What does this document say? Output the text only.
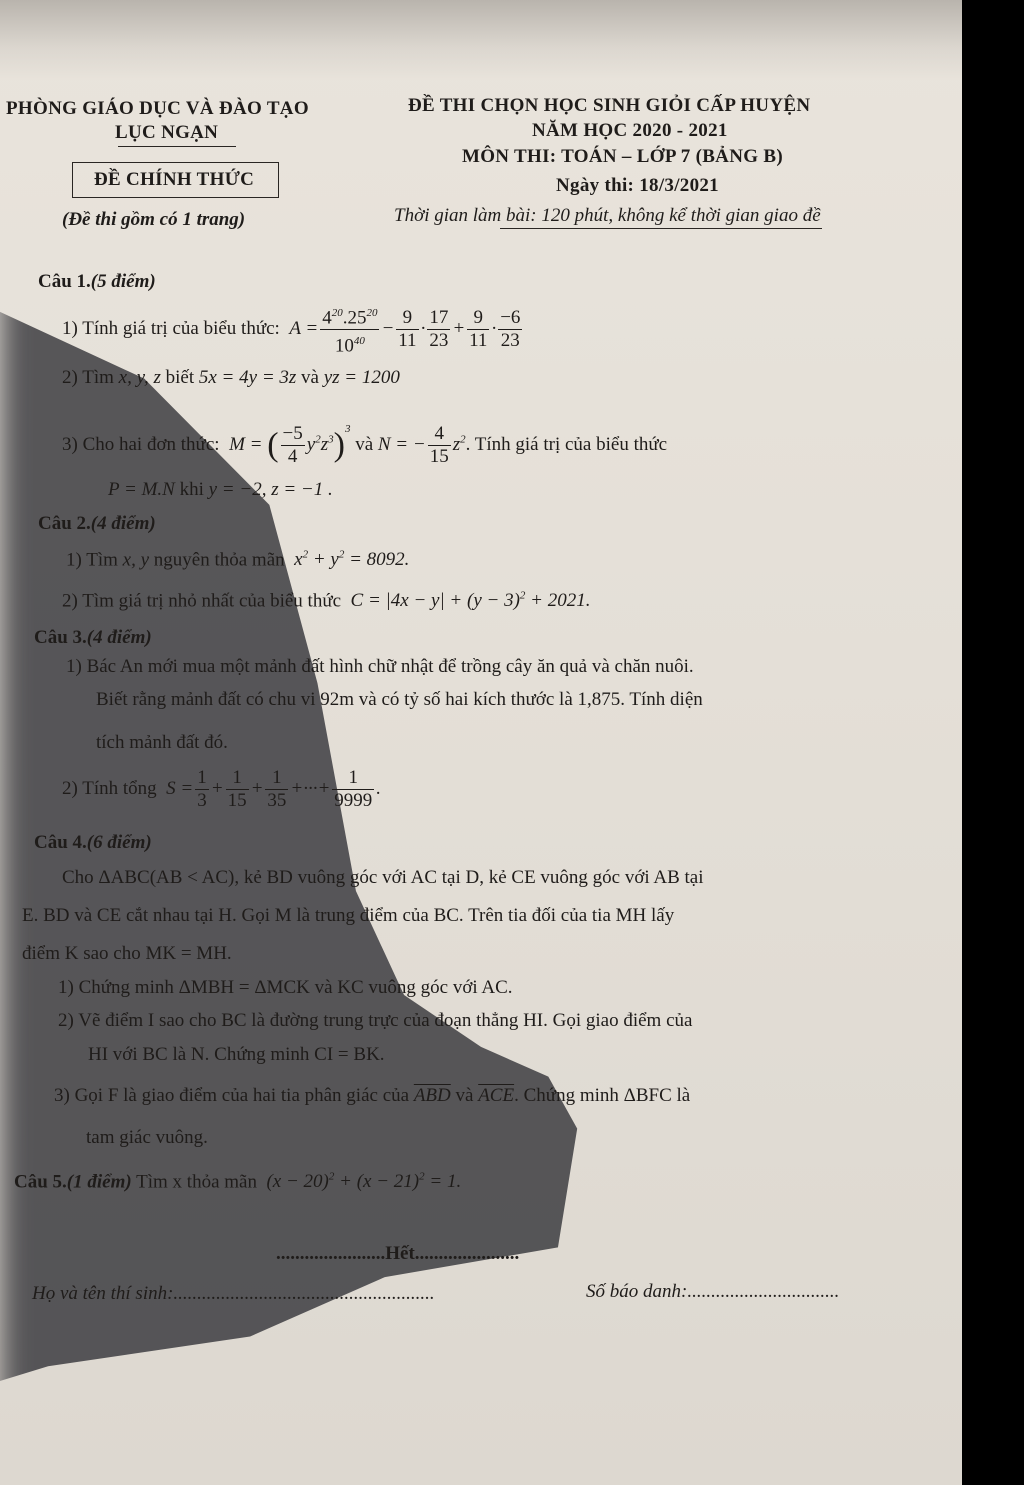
PHÒNG GIÁO DỤC VÀ ĐÀO TẠO
LỤC NGẠN
ĐỀ CHÍNH THỨC
(Đề thi gồm có 1 trang)
ĐỀ THI CHỌN HỌC SINH GIỎI CẤP HUYỆN
NĂM HỌC 2020 - 2021
MÔN THI: TOÁN – LỚP 7 (BẢNG B)
Ngày thi: 18/3/2021
Thời gian làm bài: 120 phút, không kể thời gian giao đề
Câu 1.(5 điểm)
1) Tính giá trị của biểu thức:  $A = \frac{4^{20}.25^{20}}{10^{40}} - \frac{9}{11} \cdot \frac{17}{23} + \frac{9}{11} \cdot \frac{-6}{23}$
2) Tìm x, y, z biết 5x = 4y = 3z và yz = 1200
3) Cho hai đơn thức:  M = ( $\frac{-5}{4} y^2z^3)^3$ và N = − $\frac{4}{15} z^2$. Tính giá trị của biểu thức
P = M.N khi y = −2, z = −1 .
Câu 2.(4 điểm)
1) Tìm x, y nguyên thỏa mãn  $x^2 + y^2 = 8092$.
2) Tìm giá trị nhỏ nhất của biểu thức  $C = |4x - y| + (y - 3)^2 + 2021$.
Câu 3.(4 điểm)
1) Bác An mới mua một mảnh đất hình chữ nhật để trồng cây ăn quả và chăn nuôi.
Biết rằng mảnh đất có chu vi 92m và có tỷ số hai kích thước là 1,875. Tính diện
tích mảnh đất đó.
2) Tính tổng  $S = \frac{1}{3} + \frac{1}{15} + \frac{1}{35}$ +···+ $\frac{1}{9999}$ .
Câu 4.(6 điểm)
Cho ΔABC(AB < AC), kẻ BD vuông góc với AC tại D, kẻ CE vuông góc với AB tại
E. BD và CE cắt nhau tại H. Gọi M là trung điểm của BC. Trên tia đối của tia MH lấy
điểm K sao cho MK = MH.
1) Chứng minh ΔMBH = ΔMCK và KC vuông góc với AC.
2) Vẽ điểm I sao cho BC là đường trung trực của đoạn thẳng HI. Gọi giao điểm của
HI với BC là N. Chứng minh CI = BK.
3) Gọi F là giao điểm của hai tia phân giác của $\overline{ABD}$ và $\overline{ACE}$. Chứng minh ΔBFC là
tam giác vuông.
Câu 5.(1 điểm) Tìm x thỏa mãn  $(x - 20)^2 + (x - 21)^2 = 1$.
.......................Hết......................
Họ và tên thí sinh:.......................................................	Số báo danh:................................
